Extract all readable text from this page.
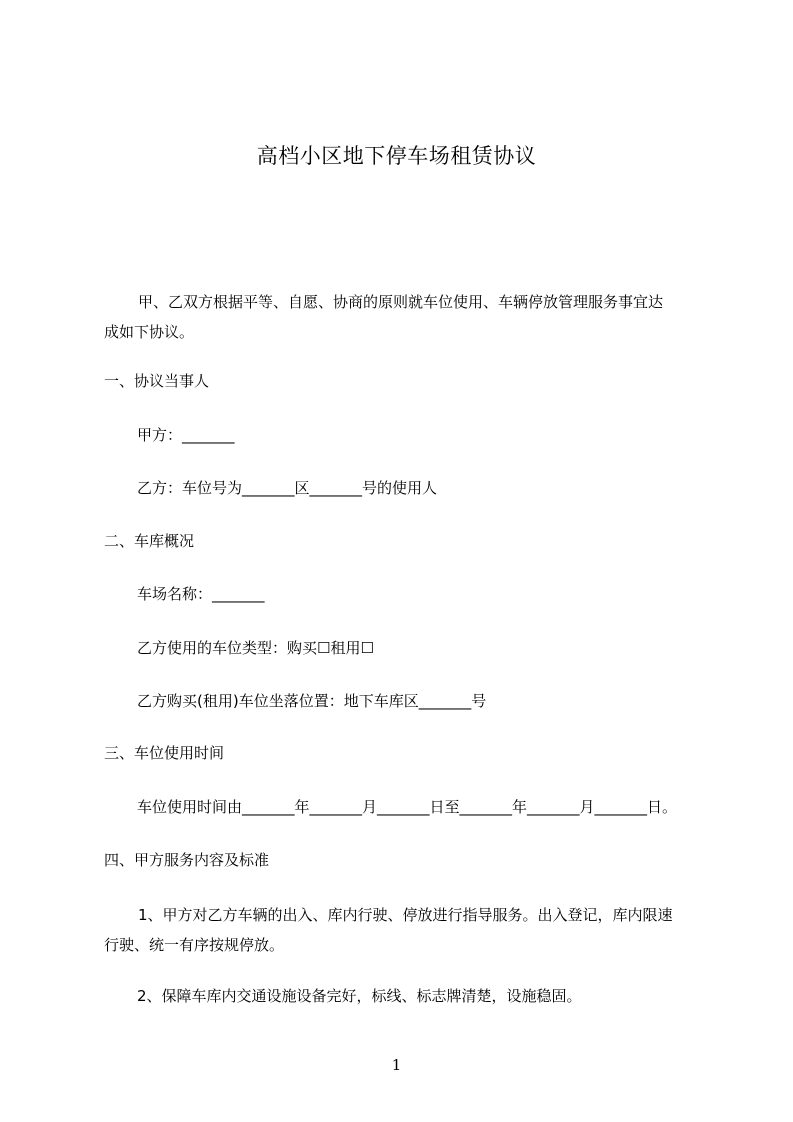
高档小区地下停车场租赁协议
甲、乙双方根据平等、自愿、协商的原则就车位使用、车辆停放管理服务事宜达
成如下协议。
一、协议当事人
甲方：_______
乙方：车位号为_______区_______号的使用人
二、车库概况
车场名称：_______
乙方使用的车位类型：购买☐租用☐
乙方购买(租用)车位坐落位置：地下车库区_______号
三、车位使用时间
车位使用时间由_______年_______月_______日至_______年_______月_______日。
四、甲方服务内容及标准
1、甲方对乙方车辆的出入、库内行驶、停放进行指导服务。出入登记，库内限速
行驶、统一有序按规停放。
2、保障车库内交通设施设备完好，标线、标志牌清楚，设施稳固。
1
